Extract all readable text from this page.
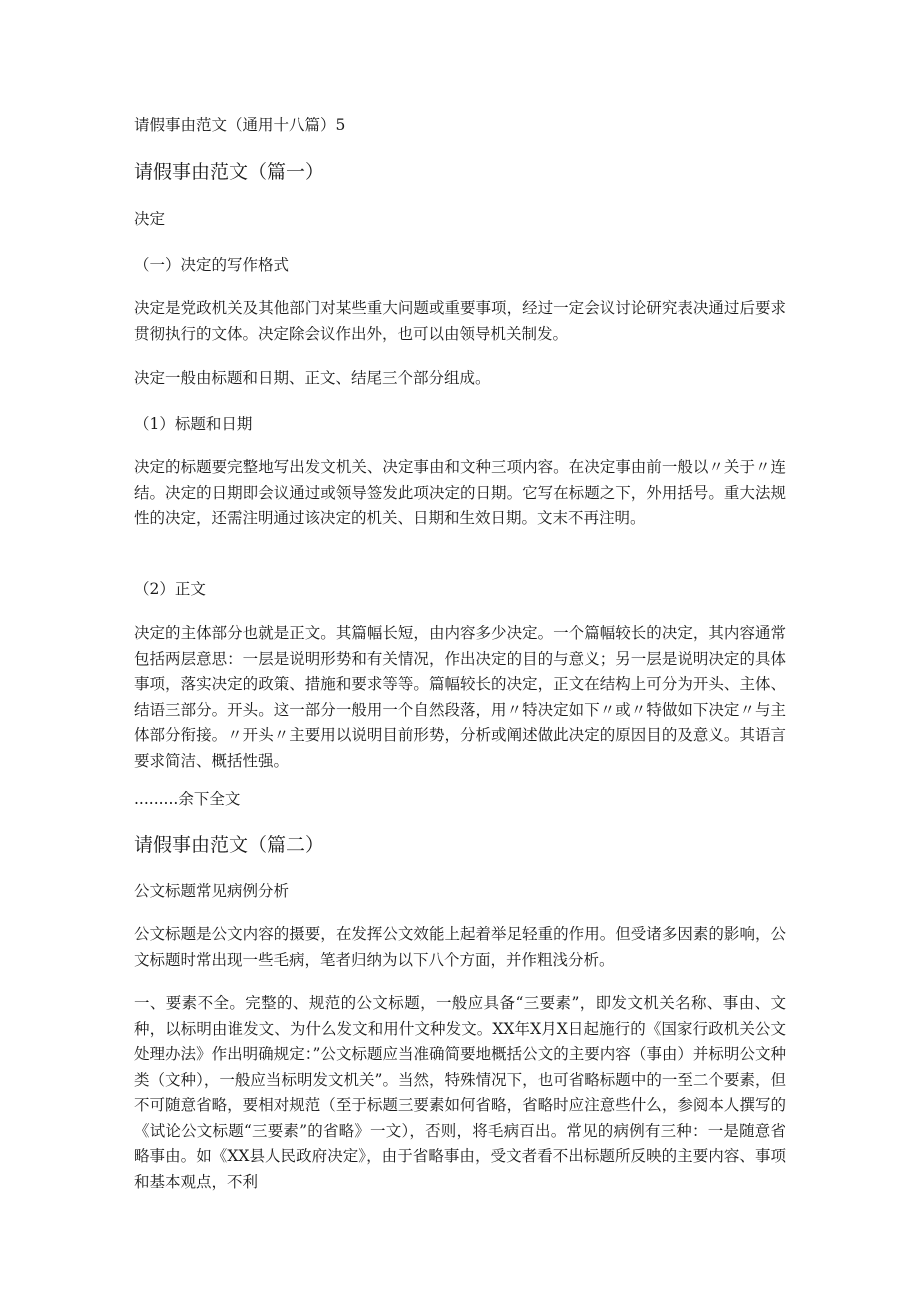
请假事由范文（通用十八篇）5
请假事由范文（篇一）
决定
（一）决定的写作格式
决定是党政机关及其他部门对某些重大问题或重要事项，经过一定会议讨论研究表决通过后要求贯彻执行的文体。决定除会议作出外，也可以由领导机关制发。
决定一般由标题和日期、正文、结尾三个部分组成。
（1）标题和日期
决定的标题要完整地写出发文机关、决定事由和文种三项内容。在决定事由前一般以〃关于〃连结。决定的日期即会议通过或领导签发此项决定的日期。它写在标题之下，外用括号。重大法规性的决定，还需注明通过该决定的机关、日期和生效日期。文末不再注明。
（2）正文
决定的主体部分也就是正文。其篇幅长短，由内容多少决定。一个篇幅较长的决定，其内容通常包括两层意思：一层是说明形势和有关情况，作出决定的目的与意义；另一层是说明决定的具体事项，落实决定的政策、措施和要求等等。篇幅较长的决定，正文在结构上可分为开头、主体、结语三部分。开头。这一部分一般用一个自然段落，用〃特决定如下〃或〃特做如下决定〃与主体部分衔接。〃开头〃主要用以说明目前形势，分析或阐述做此决定的原因目的及意义。其语言要求简洁、概括性强。
.........余下全文
请假事由范文（篇二）
公文标题常见病例分析
公文标题是公文内容的摄要，在发挥公文效能上起着举足轻重的作用。但受诸多因素的影响，公文标题时常出现一些毛病，笔者归纳为以下八个方面，并作粗浅分析。
一、要素不全。完整的、规范的公文标题，一般应具备“三要素”，即发文机关名称、事由、文种，以标明由谁发文、为什么发文和用什文种发文。XX年X月X日起施行的《国家行政机关公文处理办法》作出明确规定：”公文标题应当准确简要地概括公文的主要内容（事由）并标明公文种类（文种），一般应当标明发文机关”。当然，特殊情况下，也可省略标题中的一至二个要素，但不可随意省略，要相对规范（至于标题三要素如何省略，省略时应注意些什么，参阅本人撰写的《试论公文标题“三要素”的省略》一文），否则，将毛病百出。常见的病例有三种：一是随意省略事由。如《XX县人民政府决定》，由于省略事由，受文者看不出标题所反映的主要内容、事项和基本观点，不利
